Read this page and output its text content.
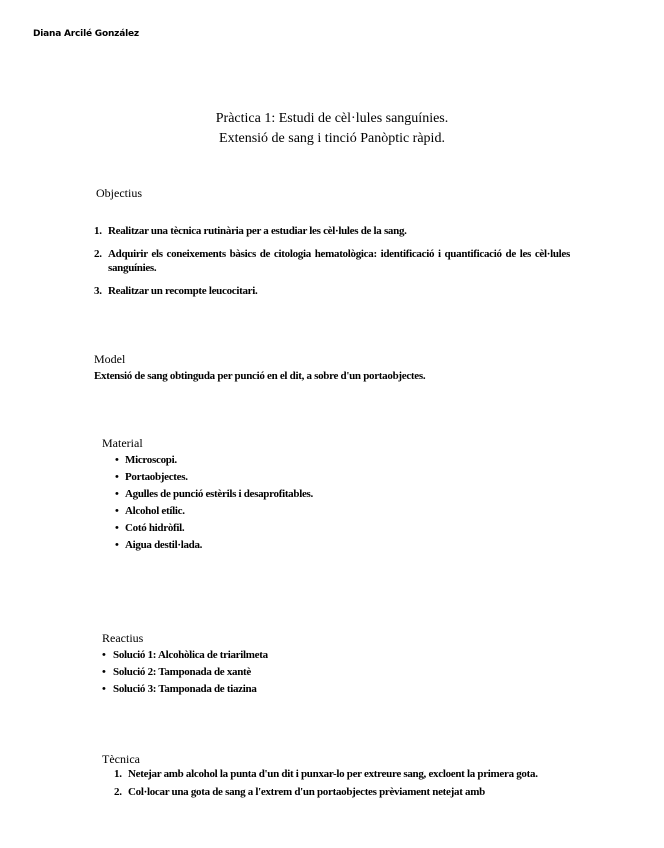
Diana Arcilé González
Pràctica 1: Estudi de cèl·lules sanguínies.
Extensió de sang i tinció Panòptic ràpid.
Objectius
1. Realitzar una tècnica rutinària per a estudiar les cèl·lules de la sang.
2. Adquirir els coneixements bàsics de citologia hematològica: identificació i quantificació de les cèl·lules sanguínies.
3. Realitzar un recompte leucocitari.
Model
Extensió de sang obtinguda per punció en el dit, a sobre d'un portaobjectes.
Material
• Microscopi.
• Portaobjectes.
• Agulles de punció estèrils i desaprofitables.
• Alcohol etílic.
• Cotó hidròfil.
• Aigua destil·lada.
Reactius
• Solució 1: Alcohòlica de triarilmeta
• Solució 2: Tamponada de xantè
• Solució 3: Tamponada de tiazina
Tècnica
1. Netejar amb alcohol la punta d'un dit i punxar-lo per extreure sang, excloent la primera gota.
2. Col·locar una gota de sang a l'extrem d'un portaobjectes prèviament netejat amb
